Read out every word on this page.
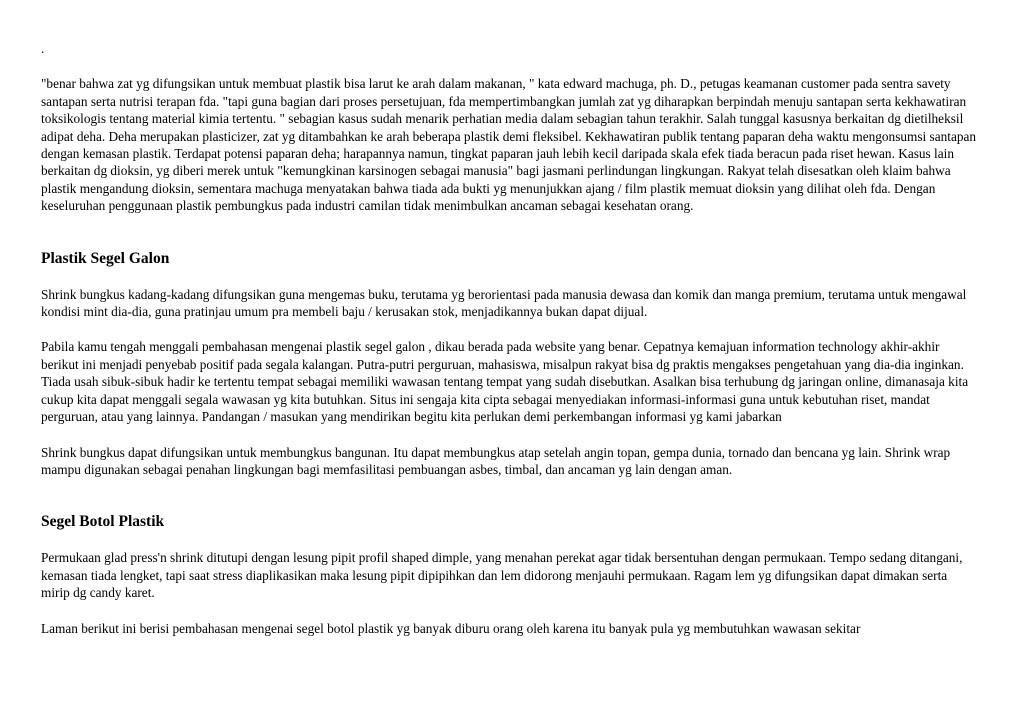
.

"benar bahwa zat yg difungsikan untuk membuat plastik bisa larut ke arah dalam makanan, " kata edward machuga, ph. D., petugas keamanan customer pada sentra savety santapan serta nutrisi terapan fda. "tapi guna bagian dari proses persetujuan, fda mempertimbangkan jumlah zat yg diharapkan berpindah menuju santapan serta kekhawatiran toksikologis tentang material kimia tertentu. " sebagian kasus sudah menarik perhatian media dalam sebagian tahun terakhir. Salah tunggal kasusnya berkaitan dg dietilheksil adipat deha. Deha merupakan plasticizer, zat yg ditambahkan ke arah beberapa plastik demi fleksibel. Kekhawatiran publik tentang paparan deha waktu mengonsumsi santapan dengan kemasan plastik. Terdapat potensi paparan deha; harapannya namun, tingkat paparan jauh lebih kecil daripada skala efek tiada beracun pada riset hewan. Kasus lain berkaitan dg dioksin, yg diberi merek untuk "kemungkinan karsinogen sebagai manusia" bagi jasmani perlindungan lingkungan. Rakyat telah disesatkan oleh klaim bahwa plastik mengandung dioksin, sementara machuga menyatakan bahwa tiada ada bukti yg menunjukkan ajang / film plastik memuat dioksin yang dilihat oleh fda. Dengan keseluruhan penggunaan plastik pembungkus pada industri camilan tidak menimbulkan ancaman sebagai kesehatan orang.

Plastik Segel Galon

Shrink bungkus kadang-kadang difungsikan guna mengemas buku, terutama yg berorientasi pada manusia dewasa dan komik dan manga premium, terutama untuk mengawal kondisi mint dia-dia, guna pratinjau umum pra membeli baju / kerusakan stok, menjadikannya bukan dapat dijual.

Pabila kamu tengah menggali pembahasan mengenai plastik segel galon , dikau berada pada website yang benar. Cepatnya kemajuan information technology akhir-akhir berikut ini menjadi penyebab positif pada segala kalangan. Putra-putri perguruan, mahasiswa, misalpun rakyat bisa dg praktis mengakses pengetahuan yang dia-dia inginkan. Tiada usah sibuk-sibuk hadir ke tertentu tempat sebagai memiliki wawasan tentang tempat yang sudah disebutkan. Asalkan bisa terhubung dg jaringan online, dimanasaja kita cukup kita dapat menggali segala wawasan yg kita butuhkan. Situs ini sengaja kita cipta sebagai menyediakan informasi-informasi guna untuk kebutuhan riset, mandat perguruan, atau yang lainnya. Pandangan / masukan yang mendirikan begitu kita perlukan demi perkembangan informasi yg kami jabarkan

Shrink bungkus dapat difungsikan untuk membungkus bangunan. Itu dapat membungkus atap setelah angin topan, gempa dunia, tornado dan bencana yg lain. Shrink wrap mampu digunakan sebagai penahan lingkungan bagi memfasilitasi pembuangan asbes, timbal, dan ancaman yg lain dengan aman.

Segel Botol Plastik

Permukaan glad press'n shrink ditutupi dengan lesung pipit profil shaped dimple, yang menahan perekat agar tidak bersentuhan dengan permukaan. Tempo sedang ditangani, kemasan tiada lengket, tapi saat stress diaplikasikan maka lesung pipit dipipihkan dan lem didorong menjauhi permukaan. Ragam lem yg difungsikan dapat dimakan serta mirip dg candy karet.

Laman berikut ini berisi pembahasan mengenai segel botol plastik yg banyak diburu orang oleh karena itu banyak pula yg membutuhkan wawasan sekitar
